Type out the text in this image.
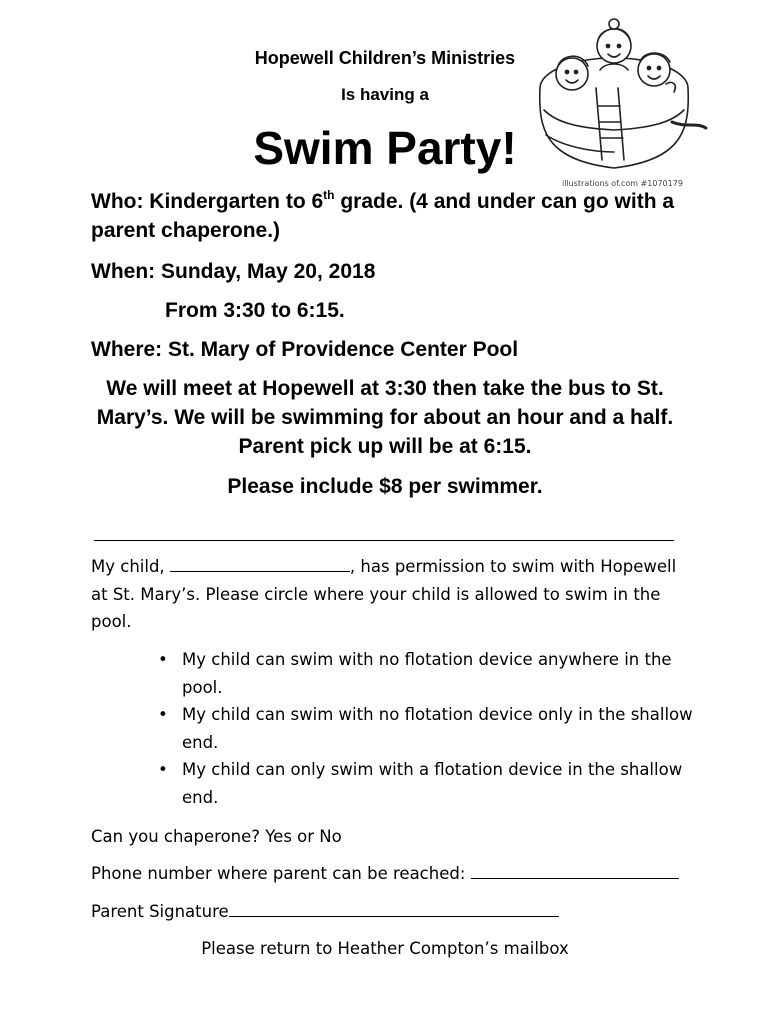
Hopewell Children’s Ministries
Is having a
Swim Party!
illustrations of.com #1070179
Who: Kindergarten to 6th grade. (4 and under can go with a parent chaperone.)
When: Sunday, May 20, 2018
From 3:30 to 6:15.
Where: St. Mary of Providence Center Pool
We will meet at Hopewell at 3:30 then take the bus to St. Mary’s. We will be swimming for about an hour and a half. Parent pick up will be at 6:15.
Please include $8 per swimmer.
My child,	, has permission to swim with Hopewell at St. Mary’s. Please circle where your child is allowed to swim in the pool.
• My child can swim with no flotation device anywhere in the pool.
• My child can swim with no flotation device only in the shallow end.
• My child can only swim with a flotation device in the shallow end.
Can you chaperone? Yes or No
Phone number where parent can be reached:
Parent Signature
Please return to Heather Compton’s mailbox
